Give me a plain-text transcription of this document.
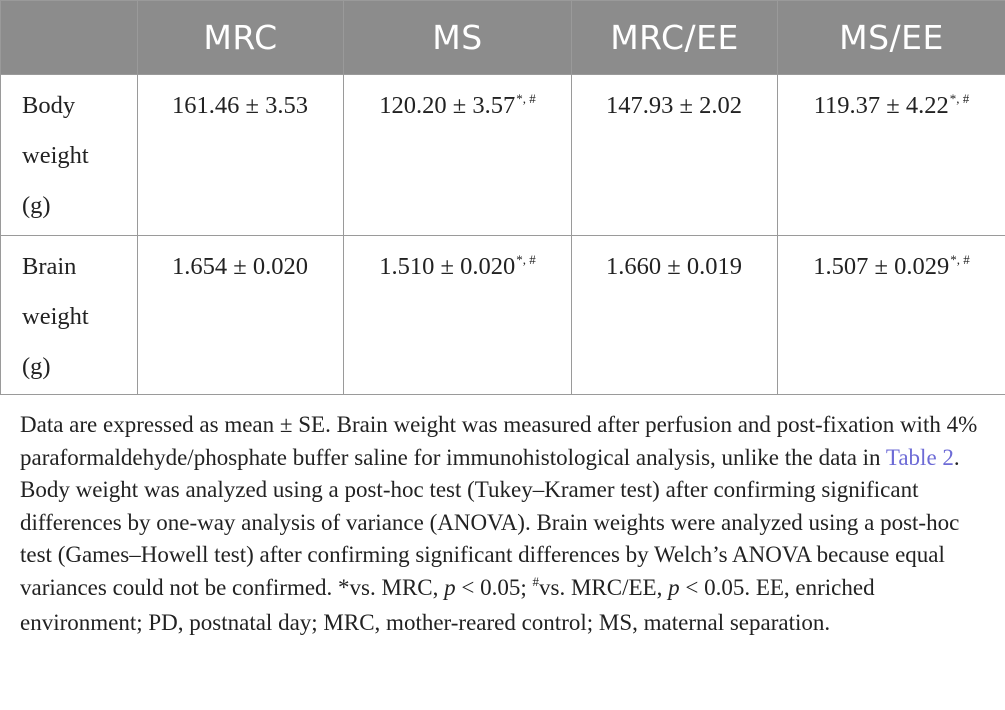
	MRC	MS	MRC/EE	MS/EE
Body
weight
(g)	161.46 ± 3.53	120.20 ± 3.57*, #	147.93 ± 2.02	119.37 ± 4.22*, #
Brain
weight
(g)	1.654 ± 0.020	1.510 ± 0.020*, #	1.660 ± 0.019	1.507 ± 0.029*, #

Data are expressed as mean ± SE. Brain weight was measured after perfusion and post-fixation with 4% paraformaldehyde/phosphate buffer saline for immunohistological analysis, unlike the data in Table 2. Body weight was analyzed using a post-hoc test (Tukey–Kramer test) after confirming significant differences by one-way analysis of variance (ANOVA). Brain weights were analyzed using a post-hoc test (Games–Howell test) after confirming significant differences by Welch’s ANOVA because equal variances could not be confirmed. *vs. MRC, p < 0.05; #vs. MRC/EE, p < 0.05. EE, enriched environment; PD, postnatal day; MRC, mother-reared control; MS, maternal separation.
